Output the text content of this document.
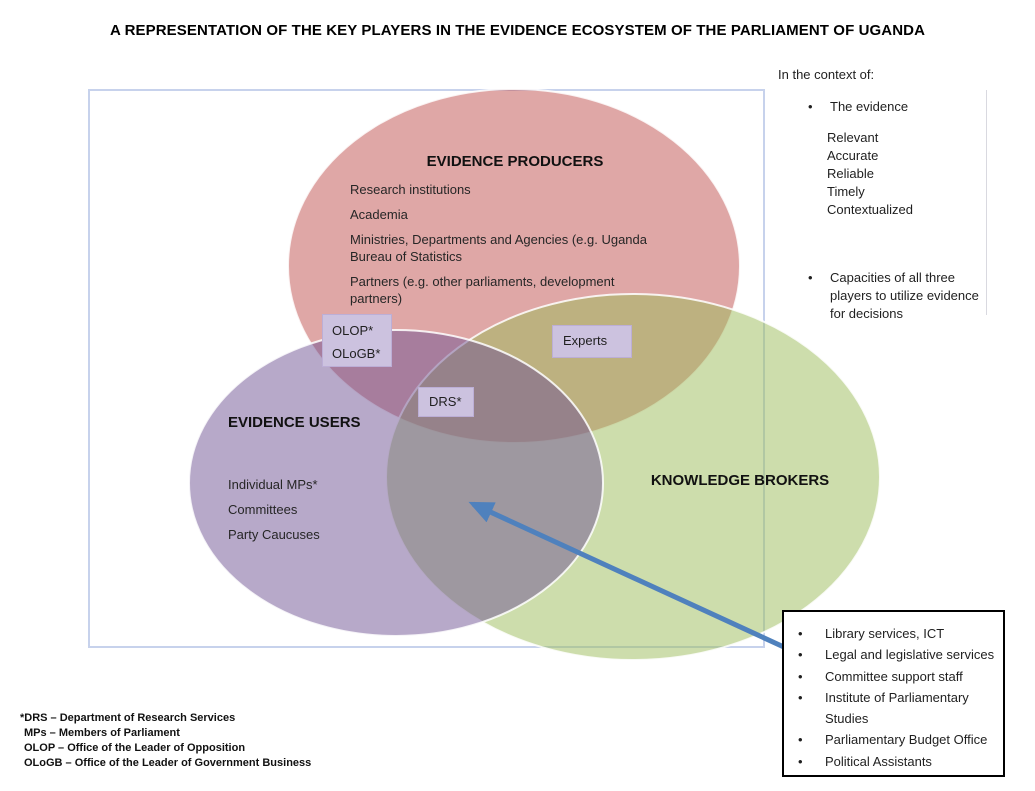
A REPRESENTATION OF THE KEY PLAYERS IN THE EVIDENCE ECOSYSTEM OF THE PARLIAMENT OF UGANDA
EVIDENCE PRODUCERS
Research institutions
Academia
Ministries, Departments and Agencies (e.g. Uganda Bureau of Statistics
Partners (e.g. other parliaments, development partners)
EVIDENCE USERS
Individual MPs*
Committees
Party Caucuses
KNOWLEDGE BROKERS
OLOP*
OLoGB*
Experts
DRS*
In the context of:
• The evidence
Relevant
Accurate
Reliable
Timely
Contextualized
• Capacities of all three players to utilize evidence for decisions
• Library services, ICT
• Legal and legislative services
• Committee support staff
• Institute of Parliamentary Studies
• Parliamentary Budget Office
• Political Assistants
*DRS – Department of Research Services
MPs – Members of Parliament
OLOP – Office of the Leader of Opposition
OLoGB – Office of the Leader of Government Business
